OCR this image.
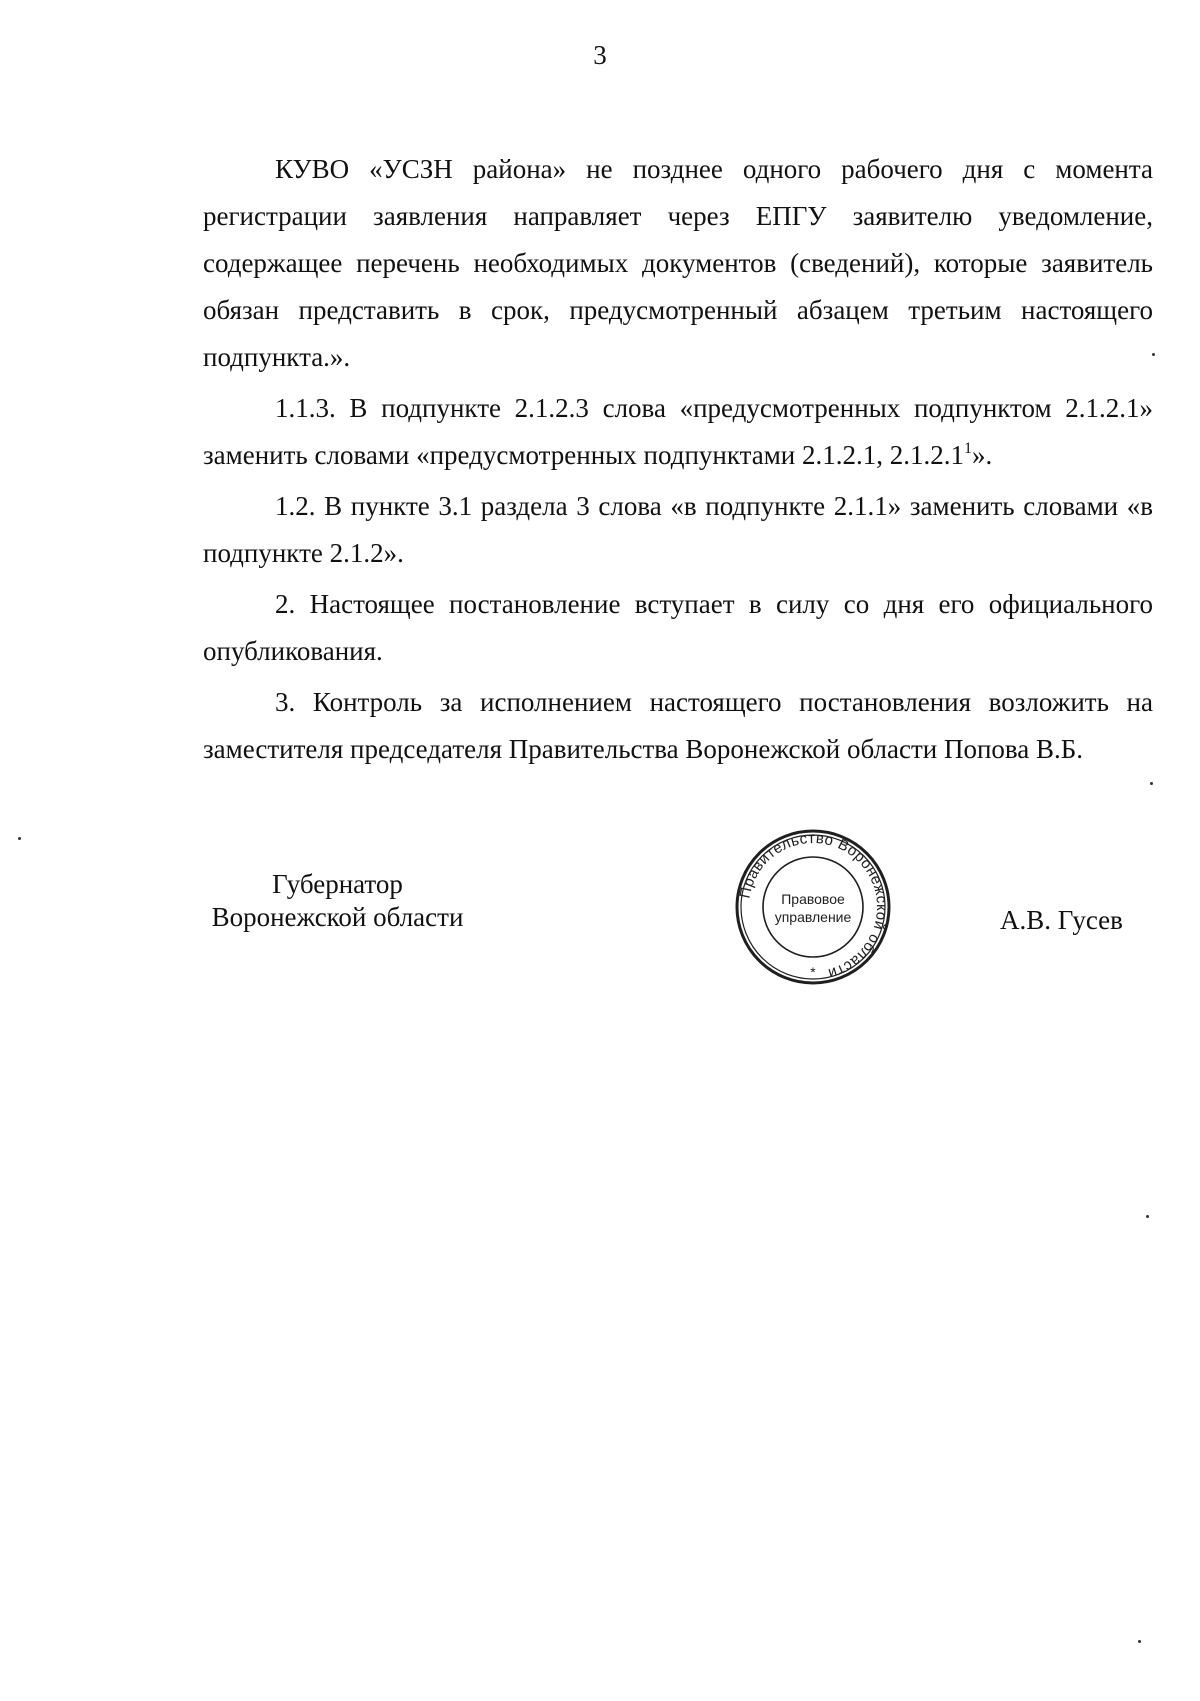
3

КУВО «УСЗН района» не позднее одного рабочего дня с момента регистрации заявления направляет через ЕПГУ заявителю уведомление, содержащее перечень необходимых документов (сведений), которые заявитель обязан представить в срок, предусмотренный абзацем третьим настоящего подпункта.».

1.1.3. В подпункте 2.1.2.3 слова «предусмотренных подпунктом 2.1.2.1» заменить словами «предусмотренных подпунктами 2.1.2.1, 2.1.2.1$^1$».

1.2. В пункте 3.1 раздела 3 слова «в подпункте 2.1.1» заменить словами «в подпункте 2.1.2».

2. Настоящее постановление вступает в силу со дня его официального опубликования.

3. Контроль за исполнением настоящего постановления возложить на заместителя председателя Правительства Воронежской области Попова В.Б.

Губернатор
Воронежской области
Правительство Воронежской области
Правовое
управление
*
А.В. Гусев
